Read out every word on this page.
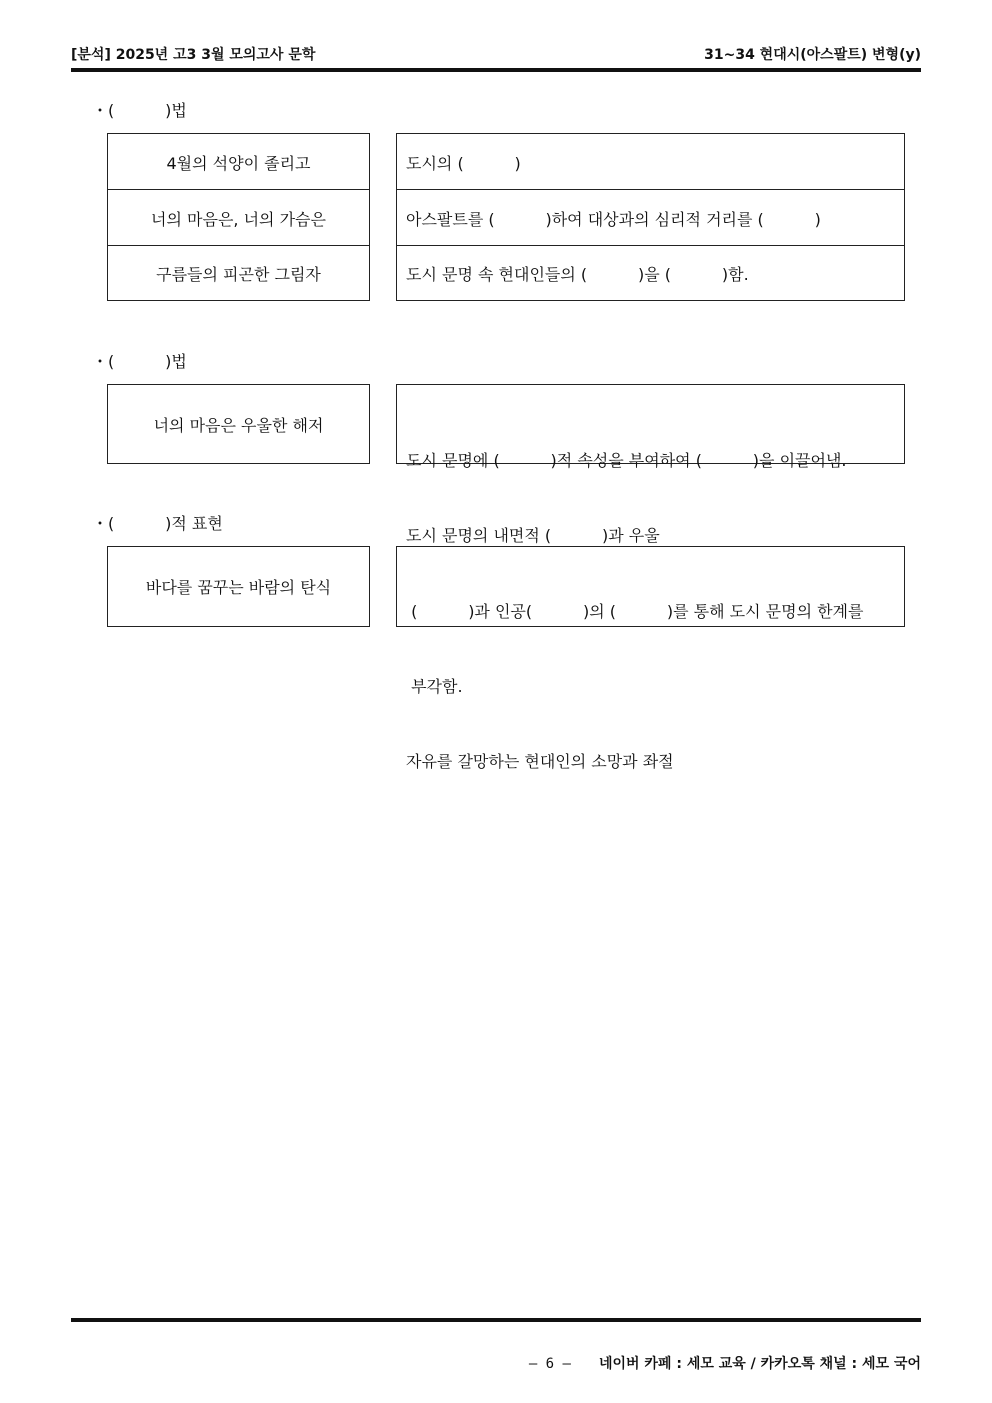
[분석] 2025년 고3 3월 모의고사 문학	31~34 현대시(아스팔트) 변형(y)
・(          )법
4월의 석양이 졸리고
너의 마음은, 너의 가슴은
구름들의 피곤한 그림자
도시의 (          )
아스팔트를 (          )하여 대상과의 심리적 거리를 (          )
도시 문명 속 현대인들의 (          )을 (          )함.
・(          )법
너의 마음은 우울한 해저

도시 문명에 (          )적 속성을 부여하여 (          )을 이끌어냄.

도시 문명의 내면적 (          )과 우울

・(          )적 표현
바다를 꿈꾸는 바람의 탄식

(          )과 인공(          )의 (          )를 통해 도시 문명의 한계를

부각함.

자유를 갈망하는 현대인의 소망과 좌절

– 6 – 네이버 카페 : 세모 교육 / 카카오톡 채널 : 세모 국어
